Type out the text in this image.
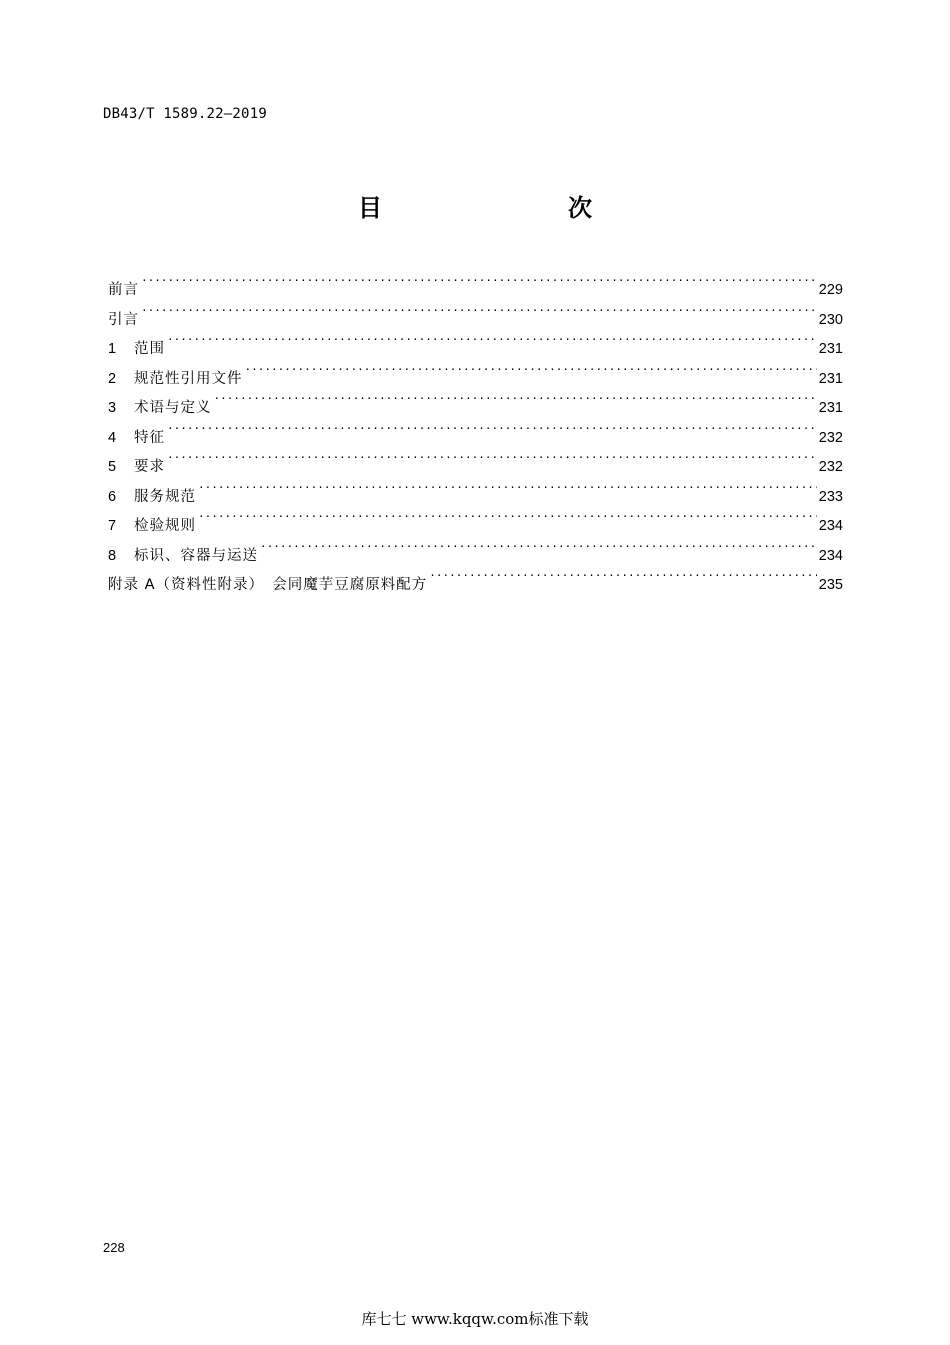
DB43/T 1589.22—2019
目　　次
前言 ·····	229
引言 ·····	230
1	范围 ·····	231
2	规范性引用文件 ·····	231
3	术语与定义 ·····	231
4	特征 ·····	232
5	要求 ·····	232
6	服务规范 ·····	233
7	检验规则 ·····	234
8	标识、容器与运送 ·····	234
附录 A（资料性附录）　会同魔芋豆腐原料配方 ·····	235
228
库七七 www.kqqw.com标准下载
